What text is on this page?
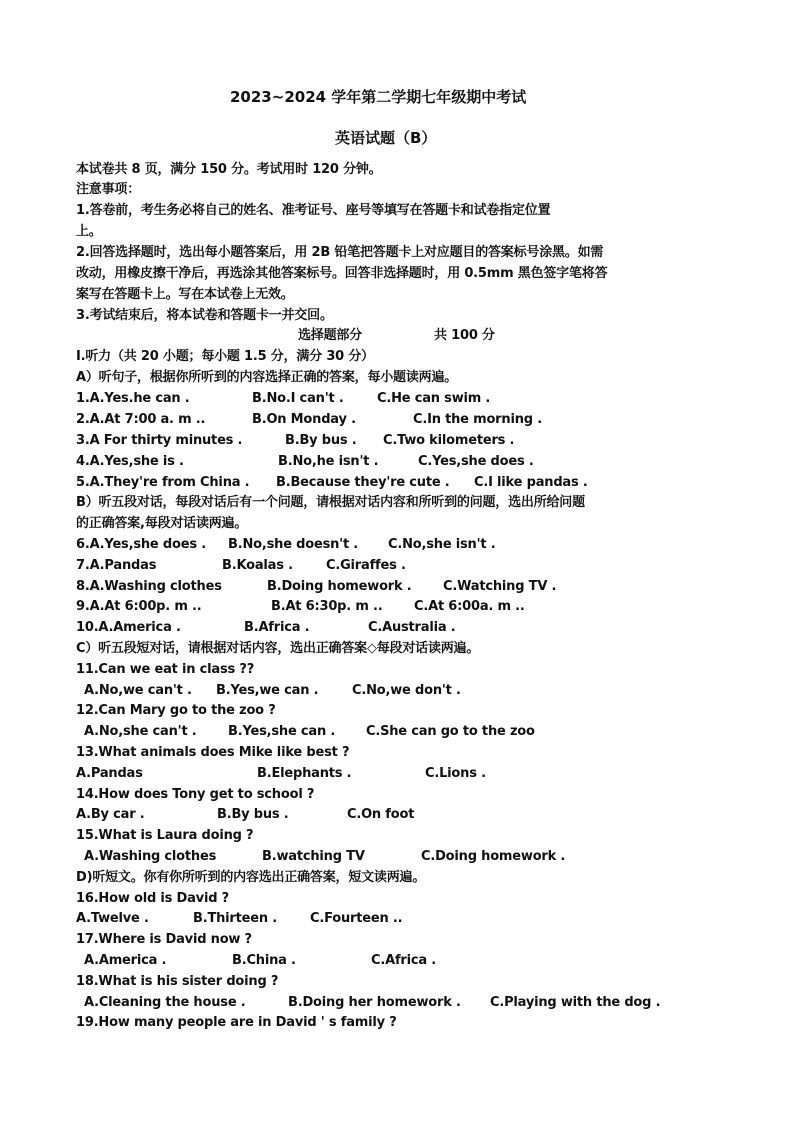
2023~2024 学年第二学期七年级期中考试
英语试题（B）
本试卷共 8 页，满分 150 分。考试用时 120 分钟。
注意事项：
1.答卷前，考生务必将自己的姓名、准考证号、座号等填写在答题卡和试卷指定位置
上。
2.回答选择题时，选出每小题答案后，用 2B 铅笔把答题卡上对应题目的答案标号涂黑。如需
改动，用橡皮擦干净后，再选涂其他答案标号。回答非选择题时，用 0.5mm 黑色签字笔将答
案写在答题卡上。写在本试卷上无效。
3.考试结束后，将本试卷和答题卡一并交回。
选择题部分	共 100 分
Ⅰ.听力（共 20 小题；每小题 1.5 分，满分 30 分）
A）听句子，根据你所听到的内容选择正确的答案，每小题读两遍。
1.A.Yes.he can .	B.No.I can't .	C.He can swim .
2.A.At 7:00 a. m ..	B.On Monday .	C.In the morning .
3.A For thirty minutes .	B.By bus . C.Two kilometers .
4.A.Yes,she is .	B.No,he isn't .	C.Yes,she does .
5.A.They're from China . B.Because they're cute . C.I like pandas .
B）听五段对话，每段对话后有一个问题，请根据对话内容和所听到的问题，选出所给问题
的正确答案,每段对话读两遍。
6.A.Yes,she does . B.No,she doesn't . C.No,she isn't .
7.A.Pandas	B.Koalas .	C.Giraffes .
8.A.Washing clothes	B.Doing homework . C.Watching TV .
9.A.At 6:00p. m ..	B.At 6:30p. m .. C.At 6:00a. m ..
10.A.America .	B.Africa .	C.Australia .
C）听五段短对话，请根据对话内容，选出正确答案◇每段对话读两遍。
11.Can we eat in class ??
A.No,we can't . B.Yes,we can .	C.No,we don't .
12.Can Mary go to the zoo ?
A.No,she can't . B.Yes,she can . C.She can go to the zoo
13.What animals does Mike like best ?
A.Pandas	B.Elephants .	C.Lions .
14.How does Tony get to school ?
A.By car .	B.By bus .	C.On foot
15.What is Laura doing ?
A.Washing clothes	B.watching TV	C.Doing homework .
D)听短文。你有你所听到的内容选出正确答案，短文读两遍。
16.How old is David ?
A.Twelve .	B.Thirteen .	C.Fourteen ..
17.Where is David now ?
A.America .	B.China .	C.Africa .
18.What is his sister doing ?
A.Cleaning the house .	B.Doing her homework . C.Playing with the dog .
19.How many people are in David ' s family ?
